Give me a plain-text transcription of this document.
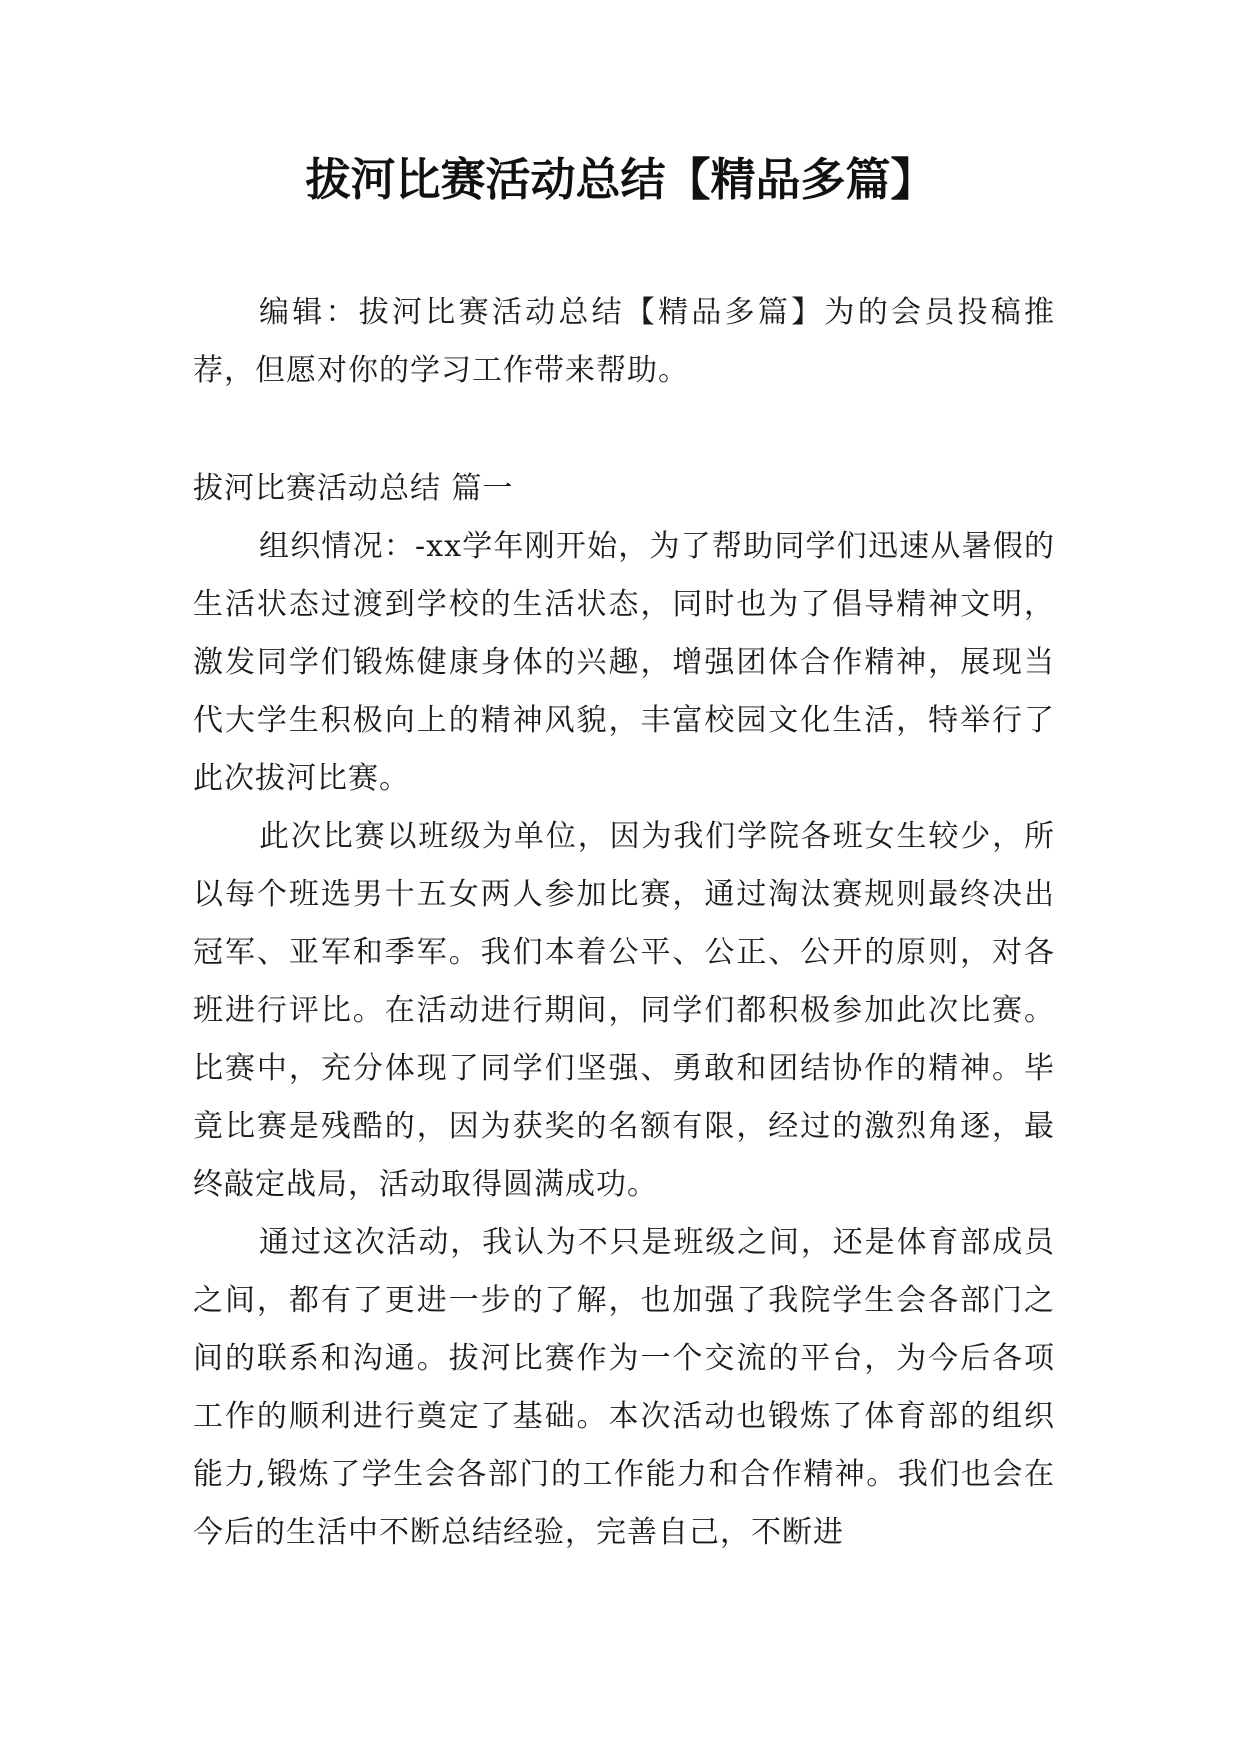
拔河比赛活动总结【精品多篇】

编辑：拔河比赛活动总结【精品多篇】为的会员投稿推荐，但愿对你的学习工作带来帮助。

拔河比赛活动总结 篇一

组织情况：-xx学年刚开始，为了帮助同学们迅速从暑假的生活状态过渡到学校的生活状态，同时也为了倡导精神文明，激发同学们锻炼健康身体的兴趣，增强团体合作精神，展现当代大学生积极向上的精神风貌，丰富校园文化生活，特举行了此次拔河比赛。

此次比赛以班级为单位，因为我们学院各班女生较少，所以每个班选男十五女两人参加比赛，通过淘汰赛规则最终决出冠军、亚军和季军。我们本着公平、公正、公开的原则，对各班进行评比。在活动进行期间，同学们都积极参加此次比赛。比赛中，充分体现了同学们坚强、勇敢和团结协作的精神。毕竟比赛是残酷的，因为获奖的名额有限，经过的激烈角逐，最终敲定战局，活动取得圆满成功。

通过这次活动，我认为不只是班级之间，还是体育部成员之间，都有了更进一步的了解，也加强了我院学生会各部门之间的联系和沟通。拔河比赛作为一个交流的平台，为今后各项工作的顺利进行奠定了基础。本次活动也锻炼了体育部的组织能力,锻炼了学生会各部门的工作能力和合作精神。我们也会在今后的生活中不断总结经验，完善自己，不断进
